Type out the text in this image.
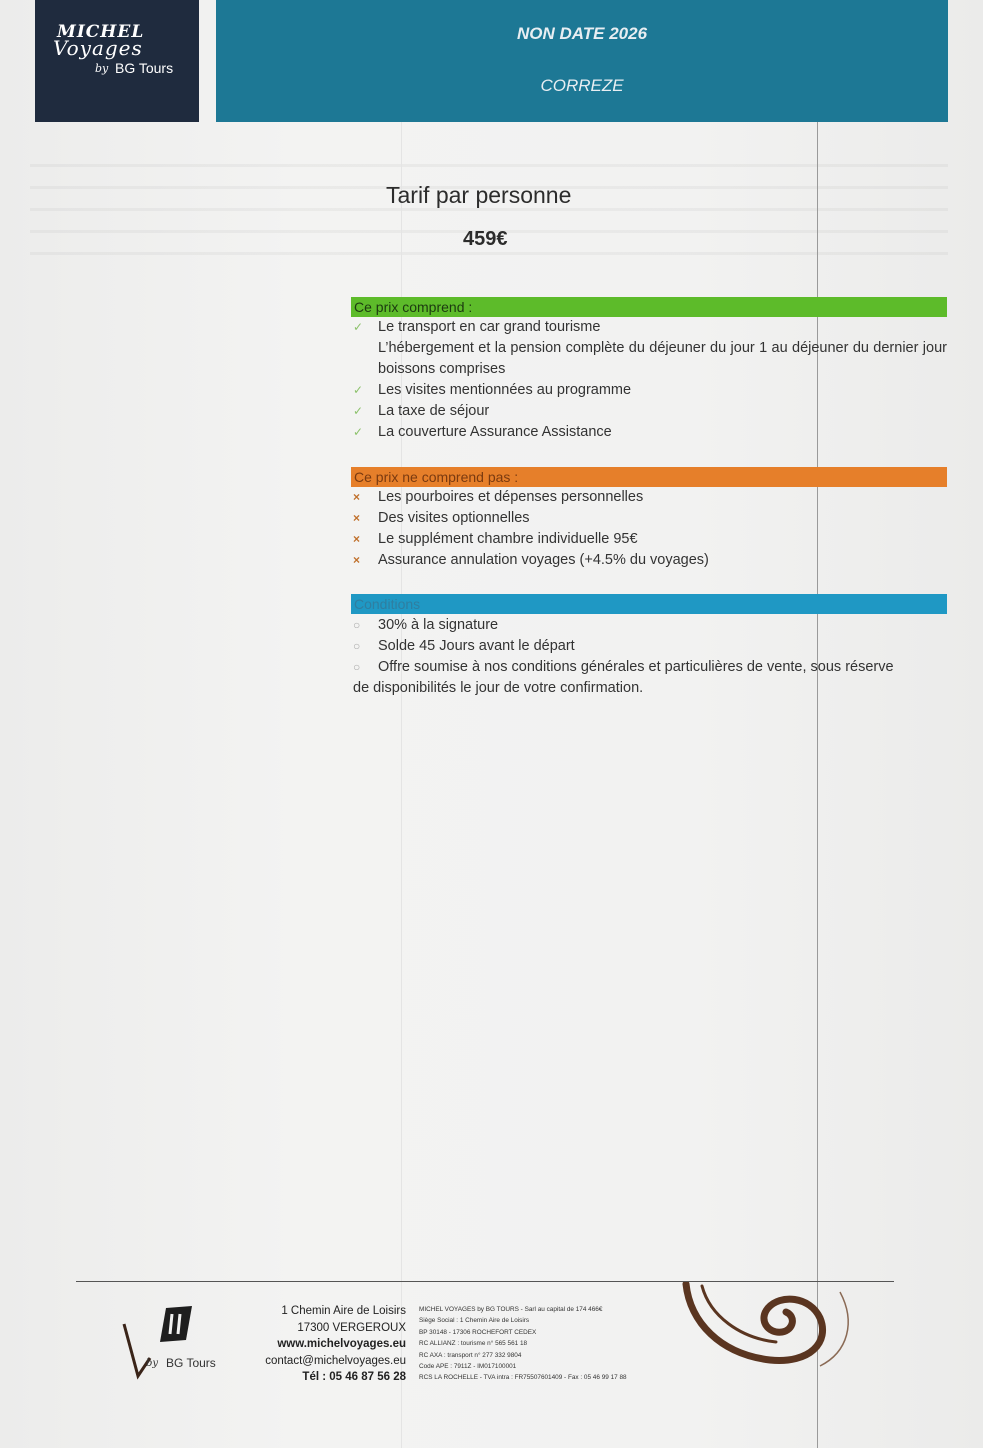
MICHEL
Voyages
by BG Tours
NON DATE 2026
CORREZE
Tarif par personne
459€
Ce prix comprend :
✓	Le transport en car grand tourisme
L’hébergement et la pension complète du déjeuner du jour 1 au déjeuner du dernier jour boissons comprises
✓	Les visites mentionnées au programme
✓	La taxe de séjour
✓	La couverture Assurance Assistance
Ce prix ne comprend pas :
×	Les pourboires et dépenses personnelles
×	Des visites optionnelles
×	Le supplément chambre individuelle 95€
×	Assurance annulation voyages (+4.5% du voyages)
Conditions
○	30% à la signature
○	Solde 45 Jours avant le départ
○	Offre soumise à nos conditions générales et particulières de vente, sous réserve
de disponibilités le jour de votre confirmation.
by BG Tours
1 Chemin Aire de Loisirs
17300 VERGEROUX
www.michelvoyages.eu
contact@michelvoyages.eu
Tél : 05 46 87 56 28
MICHEL VOYAGES by BG TOURS - Sarl au capital de 174 466€
Siège Social : 1 Chemin Aire de Loisirs
BP 30148 - 17306 ROCHEFORT CEDEX
RC ALLIANZ : tourisme n° 565 561 18
RC AXA : transport n° 277 332 9804
Code APE : 7911Z - IM017100001
RCS LA ROCHELLE - TVA intra : FR75507601409 - Fax : 05 46 99 17 88
